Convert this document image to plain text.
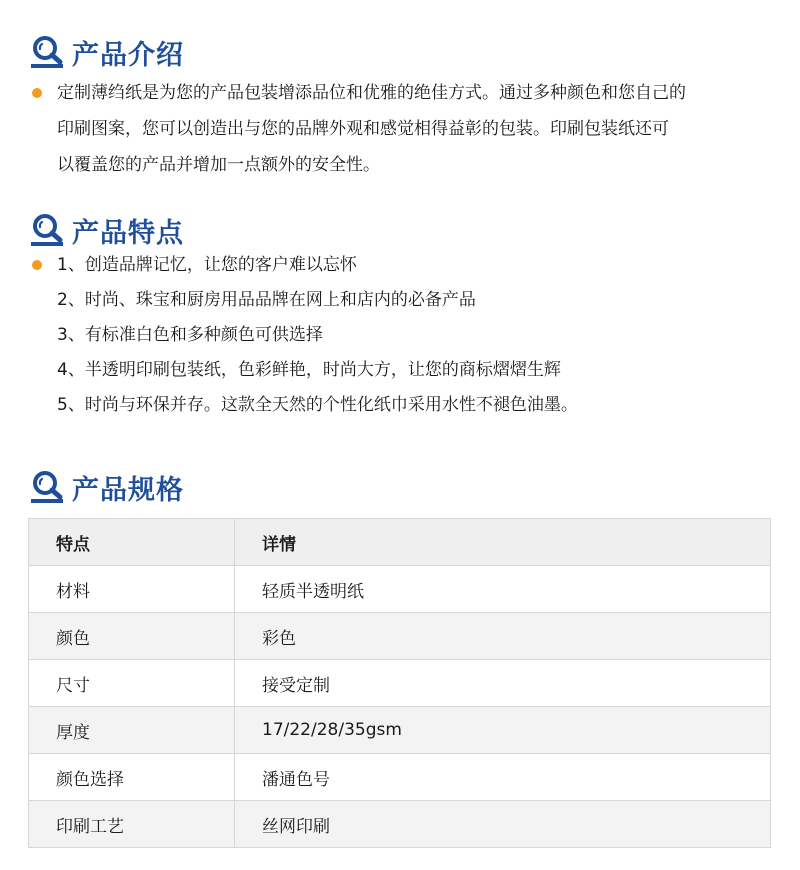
产品介绍
定制薄绉纸是为您的产品包装增添品位和优雅的绝佳方式。通过多种颜色和您自己的
印刷图案，您可以创造出与您的品牌外观和感觉相得益彰的包装。印刷包装纸还可
以覆盖您的产品并增加一点额外的安全性。
产品特点
1、创造品牌记忆，让您的客户难以忘怀
2、时尚、珠宝和厨房用品品牌在网上和店内的必备产品
3、有标准白色和多种颜色可供选择
4、半透明印刷包装纸，色彩鲜艳，时尚大方，让您的商标熠熠生辉
5、时尚与环保并存。这款全天然的个性化纸巾采用水性不褪色油墨。
产品规格
特点	详情
材料	轻质半透明纸
颜色	彩色
尺寸	接受定制
厚度	17/22/28/35gsm
颜色选择	潘通色号
印刷工艺	丝网印刷
